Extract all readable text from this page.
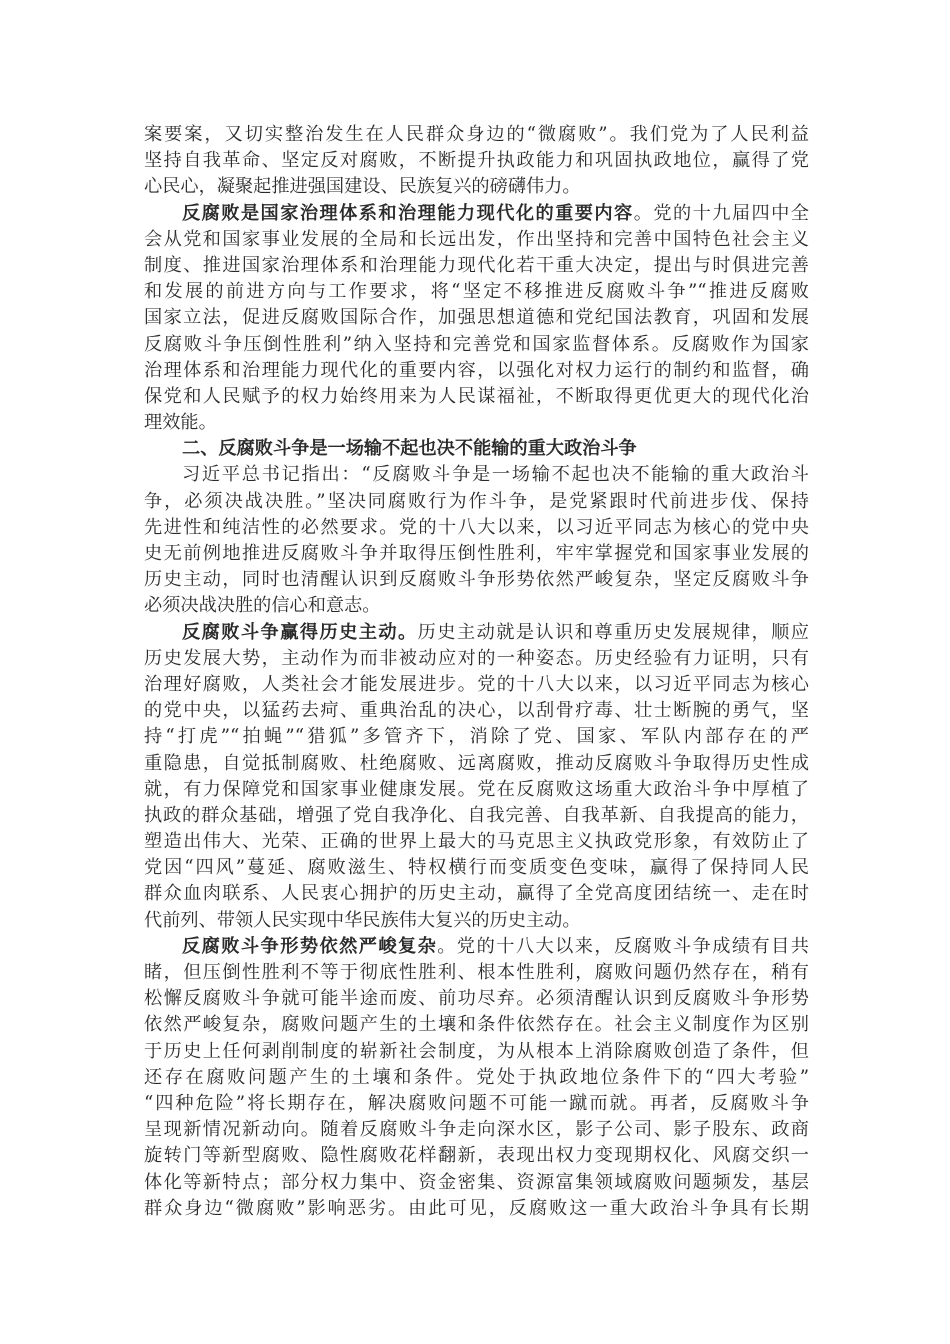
案要案，又切实整治发生在人民群众身边的“微腐败”。我们党为了人民利益
坚持自我革命、坚定反对腐败，不断提升执政能力和巩固执政地位，赢得了党
心民心，凝聚起推进强国建设、民族复兴的磅礴伟力。
反腐败是国家治理体系和治理能力现代化的重要内容。党的十九届四中全
会从党和国家事业发展的全局和长远出发，作出坚持和完善中国特色社会主义
制度、推进国家治理体系和治理能力现代化若干重大决定，提出与时俱进完善
和发展的前进方向与工作要求，将“坚定不移推进反腐败斗争”“推进反腐败
国家立法，促进反腐败国际合作，加强思想道德和党纪国法教育，巩固和发展
反腐败斗争压倒性胜利”纳入坚持和完善党和国家监督体系。反腐败作为国家
治理体系和治理能力现代化的重要内容，以强化对权力运行的制约和监督，确
保党和人民赋予的权力始终用来为人民谋福祉，不断取得更优更大的现代化治
理效能。
二、反腐败斗争是一场输不起也决不能输的重大政治斗争
习近平总书记指出：“反腐败斗争是一场输不起也决不能输的重大政治斗
争，必须决战决胜。”坚决同腐败行为作斗争，是党紧跟时代前进步伐、保持
先进性和纯洁性的必然要求。党的十八大以来，以习近平同志为核心的党中央
史无前例地推进反腐败斗争并取得压倒性胜利，牢牢掌握党和国家事业发展的
历史主动，同时也清醒认识到反腐败斗争形势依然严峻复杂，坚定反腐败斗争
必须决战决胜的信心和意志。
反腐败斗争赢得历史主动。历史主动就是认识和尊重历史发展规律，顺应
历史发展大势，主动作为而非被动应对的一种姿态。历史经验有力证明，只有
治理好腐败，人类社会才能发展进步。党的十八大以来，以习近平同志为核心
的党中央，以猛药去疴、重典治乱的决心，以刮骨疗毒、壮士断腕的勇气，坚
持“打虎”“拍蝇”“猎狐”多管齐下，消除了党、国家、军队内部存在的严
重隐患，自觉抵制腐败、杜绝腐败、远离腐败，推动反腐败斗争取得历史性成
就，有力保障党和国家事业健康发展。党在反腐败这场重大政治斗争中厚植了
执政的群众基础，增强了党自我净化、自我完善、自我革新、自我提高的能力，
塑造出伟大、光荣、正确的世界上最大的马克思主义执政党形象，有效防止了
党因“四风”蔓延、腐败滋生、特权横行而变质变色变味，赢得了保持同人民
群众血肉联系、人民衷心拥护的历史主动，赢得了全党高度团结统一、走在时
代前列、带领人民实现中华民族伟大复兴的历史主动。
反腐败斗争形势依然严峻复杂。党的十八大以来，反腐败斗争成绩有目共
睹，但压倒性胜利不等于彻底性胜利、根本性胜利，腐败问题仍然存在，稍有
松懈反腐败斗争就可能半途而废、前功尽弃。必须清醒认识到反腐败斗争形势
依然严峻复杂，腐败问题产生的土壤和条件依然存在。社会主义制度作为区别
于历史上任何剥削制度的崭新社会制度，为从根本上消除腐败创造了条件，但
还存在腐败问题产生的土壤和条件。党处于执政地位条件下的“四大考验”
“四种危险”将长期存在，解决腐败问题不可能一蹴而就。再者，反腐败斗争
呈现新情况新动向。随着反腐败斗争走向深水区，影子公司、影子股东、政商
旋转门等新型腐败、隐性腐败花样翻新，表现出权力变现期权化、风腐交织一
体化等新特点；部分权力集中、资金密集、资源富集领域腐败问题频发，基层
群众身边“微腐败”影响恶劣。由此可见，反腐败这一重大政治斗争具有长期
